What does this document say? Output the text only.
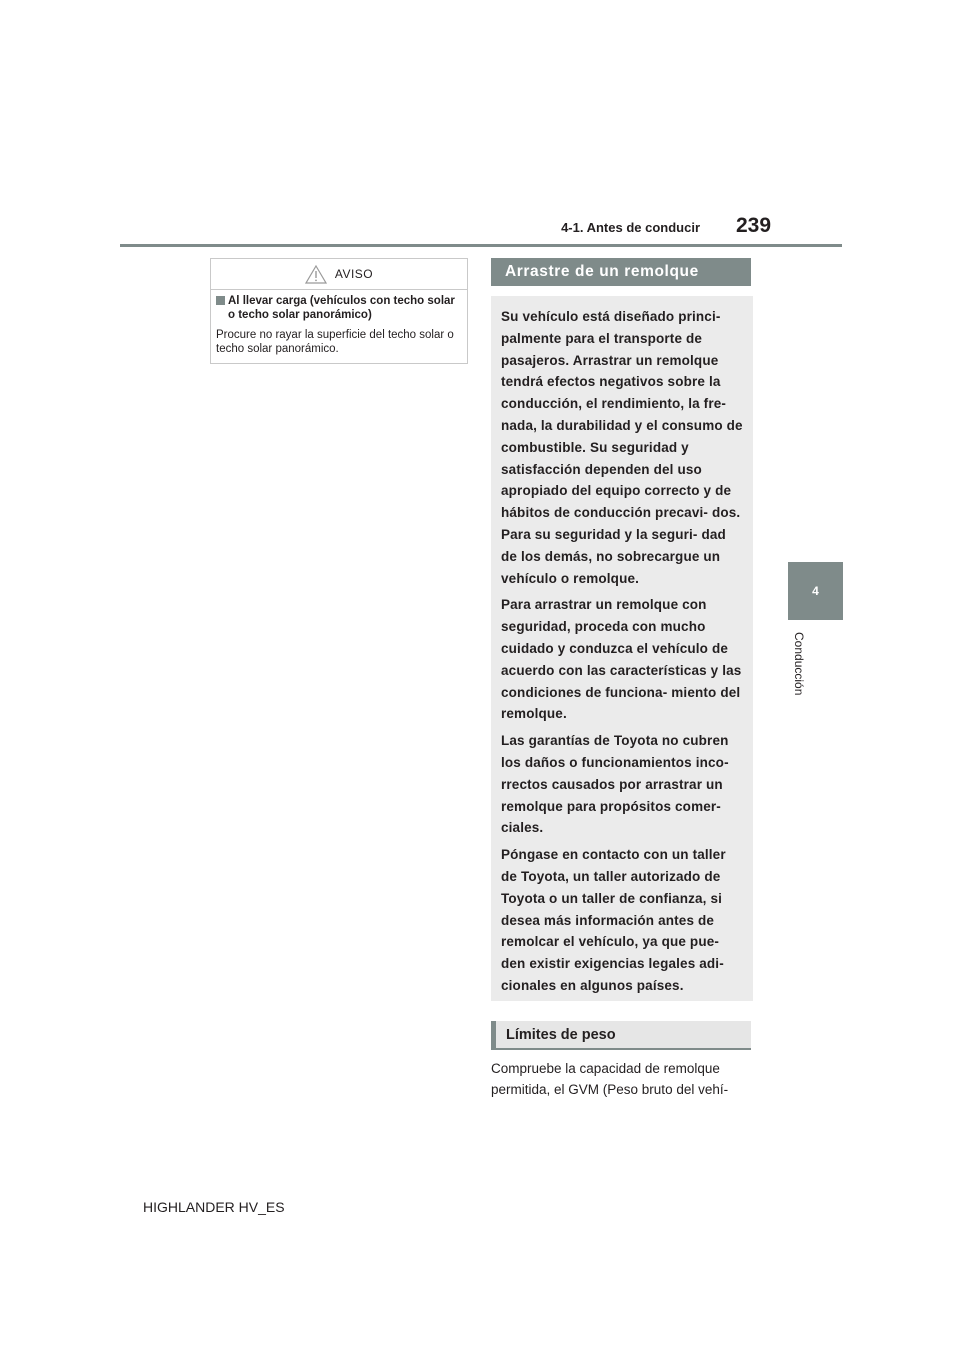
4-1. Antes de conducir 239
4
Conducción
AVISO
Al llevar carga (vehículos con techo solar o techo solar panorámico)
Procure no rayar la superficie del techo solar o techo solar panorámico.
Arrastre de un remolque

Su vehículo está diseñado princi- palmente para el transporte de pasajeros. Arrastrar un remolque tendrá efectos negativos sobre la conducción, el rendimiento, la fre- nada, la durabilidad y el consumo de combustible. Su seguridad y satisfacción dependen del uso apropiado del equipo correcto y de hábitos de conducción precavi- dos. Para su seguridad y la seguri- dad de los demás, no sobrecargue un vehículo o remolque.

Para arrastrar un remolque con seguridad, proceda con mucho cuidado y conduzca el vehículo de acuerdo con las características y las condiciones de funciona- miento del remolque.

Las garantías de Toyota no cubren los daños o funcionamientos inco- rrectos causados por arrastrar un remolque para propósitos comer- ciales.

Póngase en contacto con un taller de Toyota, un taller autorizado de Toyota o un taller de confianza, si desea más información antes de remolcar el vehículo, ya que pue- den existir exigencias legales adi- cionales en algunos países.

Límites de peso
Compruebe la capacidad de remolque permitida, el GVM (Peso bruto del vehí-
HIGHLANDER HV_ES
